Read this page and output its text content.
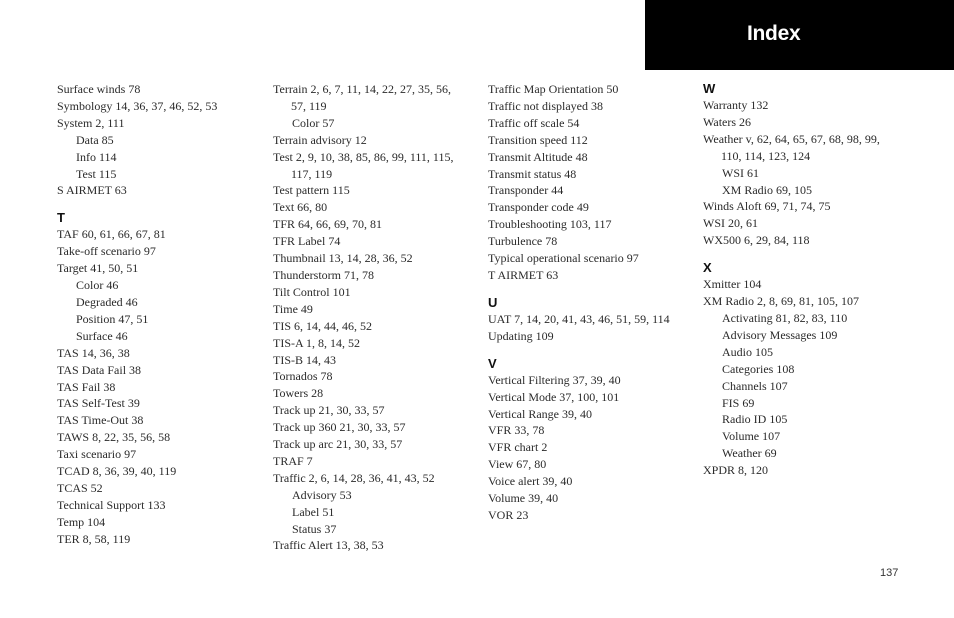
Index
Surface winds 78
Symbology 14, 36, 37, 46, 52, 53
System 2, 111
Data 85
Info 114
Test 115
S AIRMET 63
T
TAF 60, 61, 66, 67, 81
Take-off scenario 97
Target 41, 50, 51
Color 46
Degraded 46
Position 47, 51
Surface 46
TAS 14, 36, 38
TAS Data Fail 38
TAS Fail 38
TAS Self-Test 39
TAS Time-Out 38
TAWS 8, 22, 35, 56, 58
Taxi scenario 97
TCAD 8, 36, 39, 40, 119
TCAS 52
Technical Support 133
Temp 104
TER 8, 58, 119
Terrain 2, 6, 7, 11, 14, 22, 27, 35, 56,
57, 119
Color 57
Terrain advisory 12
Test 2, 9, 10, 38, 85, 86, 99, 111, 115,
117, 119
Test pattern 115
Text 66, 80
TFR 64, 66, 69, 70, 81
TFR Label 74
Thumbnail 13, 14, 28, 36, 52
Thunderstorm 71, 78
Tilt Control 101
Time 49
TIS 6, 14, 44, 46, 52
TIS-A 1, 8, 14, 52
TIS-B 14, 43
Tornados 78
Towers 28
Track up 21, 30, 33, 57
Track up 360 21, 30, 33, 57
Track up arc 21, 30, 33, 57
TRAF 7
Traffic 2, 6, 14, 28, 36, 41, 43, 52
Advisory 53
Label 51
Status 37
Traffic Alert 13, 38, 53
Traffic Map Orientation 50
Traffic not displayed 38
Traffic off scale 54
Transition speed 112
Transmit Altitude 48
Transmit status 48
Transponder 44
Transponder code 49
Troubleshooting 103, 117
Turbulence 78
Typical operational scenario 97
T AIRMET 63
U
UAT 7, 14, 20, 41, 43, 46, 51, 59, 114
Updating 109
V
Vertical Filtering 37, 39, 40
Vertical Mode 37, 100, 101
Vertical Range 39, 40
VFR 33, 78
VFR chart 2
View 67, 80
Voice alert 39, 40
Volume 39, 40
VOR 23
W
Warranty 132
Waters 26
Weather v, 62, 64, 65, 67, 68, 98, 99,
110, 114, 123, 124
WSI 61
XM Radio 69, 105
Winds Aloft 69, 71, 74, 75
WSI 20, 61
WX500 6, 29, 84, 118
X
Xmitter 104
XM Radio 2, 8, 69, 81, 105, 107
Activating 81, 82, 83, 110
Advisory Messages 109
Audio 105
Categories 108
Channels 107
FIS 69
Radio ID 105
Volume 107
Weather 69
XPDR 8, 120
137
